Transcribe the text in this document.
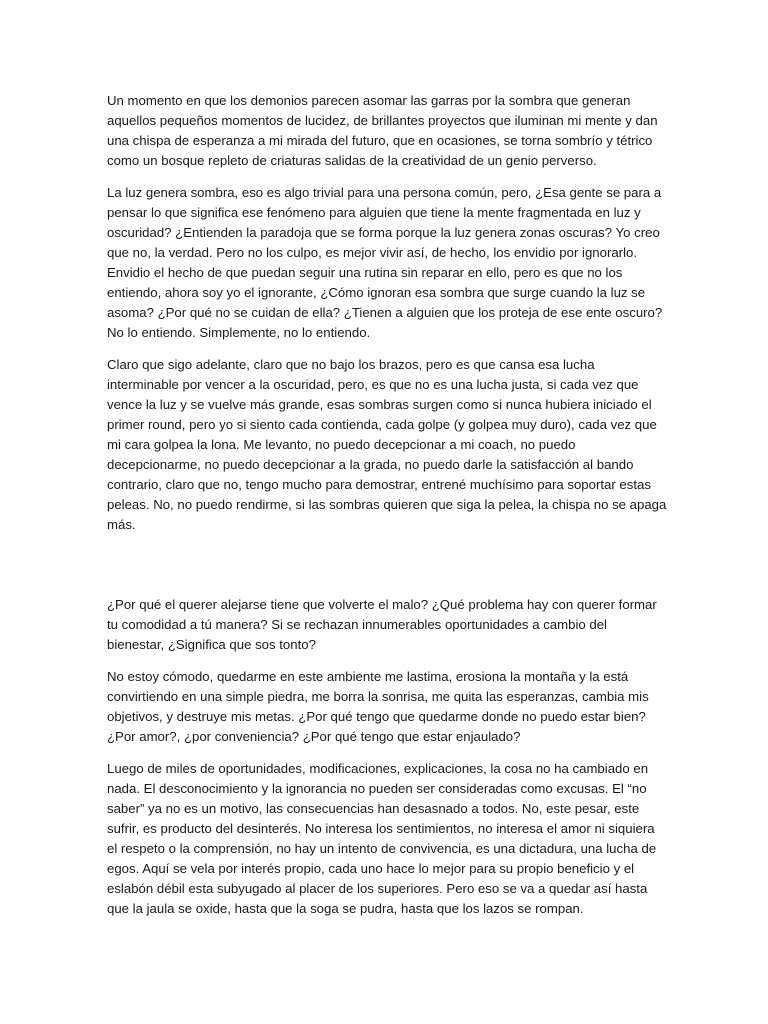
Un momento en que los demonios parecen asomar las garras por la sombra que generan aquellos pequeños momentos de lucidez, de brillantes proyectos que iluminan mi mente y dan una chispa de esperanza a mi mirada del futuro, que en ocasiones, se torna sombrío y tétrico como un bosque repleto de criaturas salidas de la creatividad de un genio perverso.

La luz genera sombra, eso es algo trivial para una persona común, pero, ¿Esa gente se para a pensar lo que significa ese fenómeno para alguien que tiene la mente fragmentada en luz y oscuridad? ¿Entienden la paradoja que se forma porque la luz genera zonas oscuras? Yo creo que no, la verdad. Pero no los culpo, es mejor vivir así, de hecho, los envidio por ignorarlo. Envidio el hecho de que puedan seguir una rutina sin reparar en ello, pero es que no los entiendo, ahora soy yo el ignorante, ¿Cómo ignoran esa sombra que surge cuando la luz se asoma? ¿Por qué no se cuidan de ella? ¿Tienen a alguien que los proteja de ese ente oscuro? No lo entiendo. Simplemente, no lo entiendo.

Claro que sigo adelante, claro que no bajo los brazos, pero es que cansa esa lucha interminable por vencer a la oscuridad, pero, es que no es una lucha justa, si cada vez que vence la luz y se vuelve más grande, esas sombras surgen como si nunca hubiera iniciado el primer round, pero yo si siento cada contienda, cada golpe (y golpea muy duro), cada vez que mi cara golpea la lona. Me levanto, no puedo decepcionar a mi coach, no puedo decepcionarme, no puedo decepcionar a la grada, no puedo darle la satisfacción al bando contrario, claro que no, tengo mucho para demostrar, entrené muchísimo para soportar estas peleas. No, no puedo rendirme, si las sombras quieren que siga la pelea, la chispa no se apaga más.

¿Por qué el querer alejarse tiene que volverte el malo? ¿Qué problema hay con querer formar tu comodidad a tú manera? Si se rechazan innumerables oportunidades a cambio del bienestar, ¿Significa que sos tonto?

No estoy cómodo, quedarme en este ambiente me lastima, erosiona la montaña y la está convirtiendo en una simple piedra, me borra la sonrisa, me quita las esperanzas, cambia mis objetivos, y destruye mis metas. ¿Por qué tengo que quedarme donde no puedo estar bien? ¿Por amor?, ¿por conveniencia? ¿Por qué tengo que estar enjaulado?

Luego de miles de oportunidades, modificaciones, explicaciones, la cosa no ha cambiado en nada. El desconocimiento y la ignorancia no pueden ser consideradas como excusas. El “no saber” ya no es un motivo, las consecuencias han desasnado a todos. No, este pesar, este sufrir, es producto del desinterés. No interesa los sentimientos, no interesa el amor ni siquiera el respeto o la comprensión, no hay un intento de convivencia, es una dictadura, una lucha de egos. Aquí se vela por interés propio, cada uno hace lo mejor para su propio beneficio y el eslabón débil esta subyugado al placer de los superiores. Pero eso se va a quedar así hasta que la jaula se oxide, hasta que la soga se pudra, hasta que los lazos se rompan.
